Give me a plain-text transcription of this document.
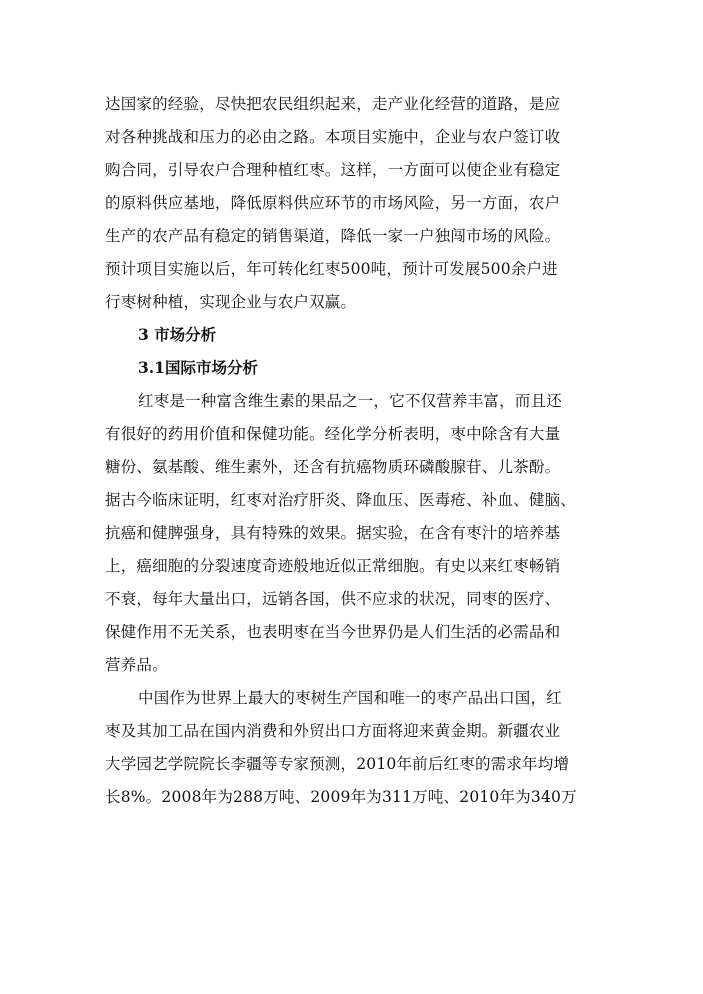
达国家的经验，尽快把农民组织起来，走产业化经营的道路，是应
对各种挑战和压力的必由之路。本项目实施中，企业与农户签订收
购合同，引导农户合理种植红枣。这样，一方面可以使企业有稳定
的原料供应基地，降低原料供应环节的市场风险，另一方面，农户
生产的农产品有稳定的销售渠道，降低一家一户独闯市场的风险。
预计项目实施以后，年可转化红枣500吨，预计可发展500余户进
行枣树种植，实现企业与农户双赢。
3 市场分析
3.1国际市场分析
红枣是一种富含维生素的果品之一，它不仅营养丰富，而且还
有很好的药用价值和保健功能。经化学分析表明，枣中除含有大量
糖份、氨基酸、维生素外，还含有抗癌物质环磷酸腺苷、儿茶酚。
据古今临床证明，红枣对治疗肝炎、降血压、医毒疮、补血、健脑、
抗癌和健脾强身，具有特殊的效果。据实验，在含有枣汁的培养基
上，癌细胞的分裂速度奇迹般地近似正常细胞。有史以来红枣畅销
不衰，每年大量出口，远销各国，供不应求的状况，同枣的医疗、
保健作用不无关系，也表明枣在当今世界仍是人们生活的必需品和
营养品。
中国作为世界上最大的枣树生产国和唯一的枣产品出口国，红
枣及其加工品在国内消费和外贸出口方面将迎来黄金期。新疆农业
大学园艺学院院长李疆等专家预测，2010年前后红枣的需求年均增
长8%。2008年为288万吨、2009年为311万吨、2010年为340万
